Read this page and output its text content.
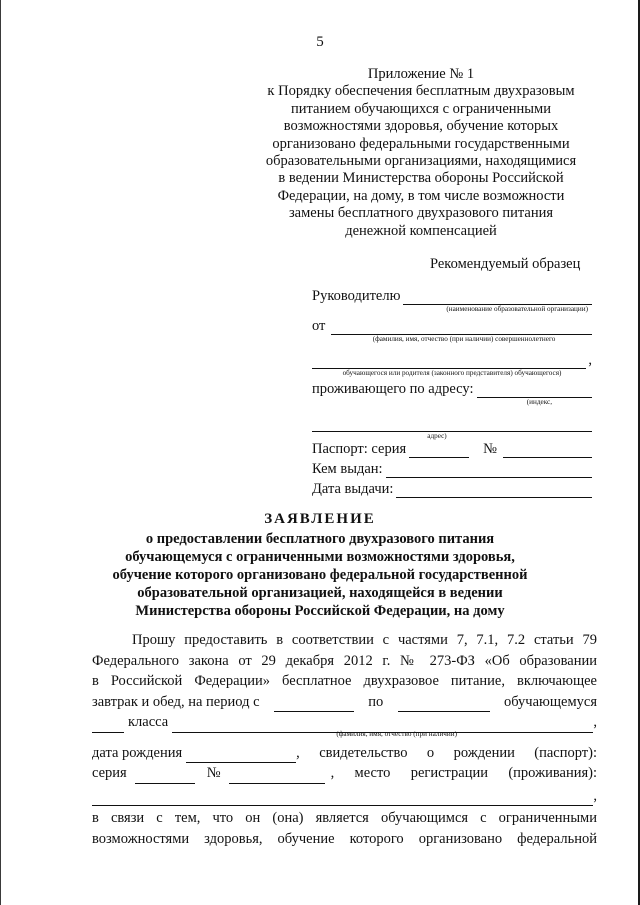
5
Приложение № 1
к Порядку обеспечения бесплатным двухразовым
питанием обучающихся с ограниченными
возможностями здоровья, обучение которых
организовано федеральными государственными
образовательными организациями, находящимися
в ведении Министерства обороны Российской
Федерации, на дому, в том числе возможности
замены бесплатного двухразового питания
денежной компенсацией
Рекомендуемый образец
Руководителю
(наименование образовательной организации)
от
(фамилия, имя, отчество (при наличии) совершеннолетнего
,
обучающегося или родителя (законного представителя) обучающегося)
проживающего по адресу:
(индекс,
адрес)
Паспорт: серия	№
Кем выдан:
Дата выдачи:
ЗАЯВЛЕНИЕ
о предоставлении бесплатного двухразового питания
обучающемуся с ограниченными возможностями здоровья,
обучение которого организовано федеральной государственной
образовательной организацией, находящейся в ведении
Министерства обороны Российской Федерации, на дому
Прошу предоставить в соответствии с частями 7, 7.1, 7.2 статьи 79
Федерального закона от 29 декабря 2012 г. № 273-ФЗ «Об образовании
в Российской Федерации» бесплатное двухразовое питание, включающее
завтрак и обед, на период с	по	обучающемуся
класса	,
(фамилия, имя, отчество (при наличии)
дата рождения	, свидетельство о рождении (паспорт):
серия	№	, место регистрации (проживания):
,
в связи с тем, что он (она) является обучающимся с ограниченными
возможностями здоровья, обучение которого организовано федеральной
